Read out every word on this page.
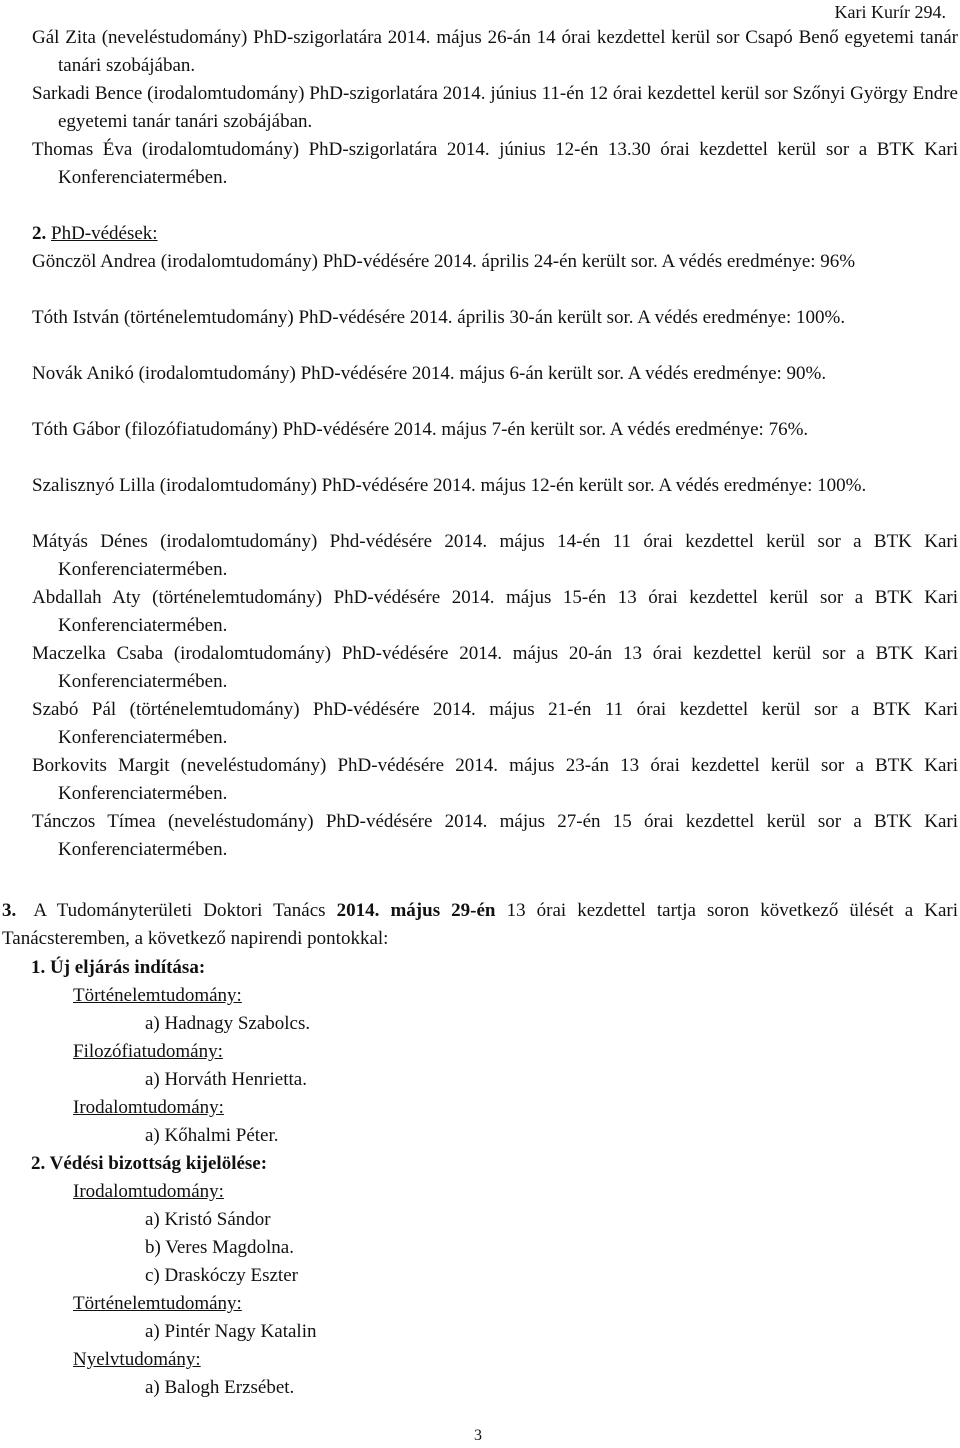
Kari Kurír 294.
Gál Zita (neveléstudomány) PhD-szigorlatára 2014. május 26-án 14 órai kezdettel kerül sor Csapó Benő egyetemi tanár tanári szobájában.
Sarkadi Bence (irodalomtudomány) PhD-szigorlatára 2014. június 11-én 12 órai kezdettel kerül sor Szőnyi György Endre egyetemi tanár tanári szobájában.
Thomas Éva (irodalomtudomány) PhD-szigorlatára 2014. június 12-én 13.30 órai kezdettel kerül sor a BTK Kari Konferenciatermében.
2. PhD-védések:
Gönczöl Andrea (irodalomtudomány) PhD-védésére 2014. április 24-én került sor. A védés eredménye: 96%
Tóth István (történelemtudomány) PhD-védésére 2014. április 30-án került sor. A védés eredménye: 100%.
Novák Anikó (irodalomtudomány) PhD-védésére 2014. május 6-án került sor. A védés eredménye: 90%.
Tóth Gábor (filozófiatudomány) PhD-védésére 2014. május 7-én került sor. A védés eredménye: 76%.
Szalisznyó Lilla (irodalomtudomány) PhD-védésére 2014. május 12-én került sor. A védés eredménye: 100%.
Mátyás Dénes (irodalomtudomány) Phd-védésére 2014. május 14-én 11 órai kezdettel kerül sor a BTK Kari Konferenciatermében.
Abdallah Aty (történelemtudomány) PhD-védésére 2014. május 15-én 13 órai kezdettel kerül sor a BTK Kari Konferenciatermében.
Maczelka Csaba (irodalomtudomány) PhD-védésére 2014. május 20-án 13 órai kezdettel kerül sor a BTK Kari Konferenciatermében.
Szabó Pál (történelemtudomány) PhD-védésére 2014. május 21-én 11 órai kezdettel kerül sor a BTK Kari Konferenciatermében.
Borkovits Margit (neveléstudomány) PhD-védésére 2014. május 23-án 13 órai kezdettel kerül sor a BTK Kari Konferenciatermében.
Tánczos Tímea (neveléstudomány) PhD-védésére 2014. május 27-én 15 órai kezdettel kerül sor a BTK Kari Konferenciatermében.
3. A Tudományterületi Doktori Tanács 2014. május 29-én 13 órai kezdettel tartja soron következő ülését a Kari Tanácsteremben, a következő napirendi pontokkal:
1. Új eljárás indítása:
Történelemtudomány:
a) Hadnagy Szabolcs.
Filozófiatudomány:
a) Horváth Henrietta.
Irodalomtudomány:
a) Kőhalmi Péter.
2. Védési bizottság kijelölése:
Irodalomtudomány:
a) Kristó Sándor
b) Veres Magdolna.
c) Draskóczy Eszter
Történelemtudomány:
a) Pintér Nagy Katalin
Nyelvtudomány:
a) Balogh Erzsébet.
3
